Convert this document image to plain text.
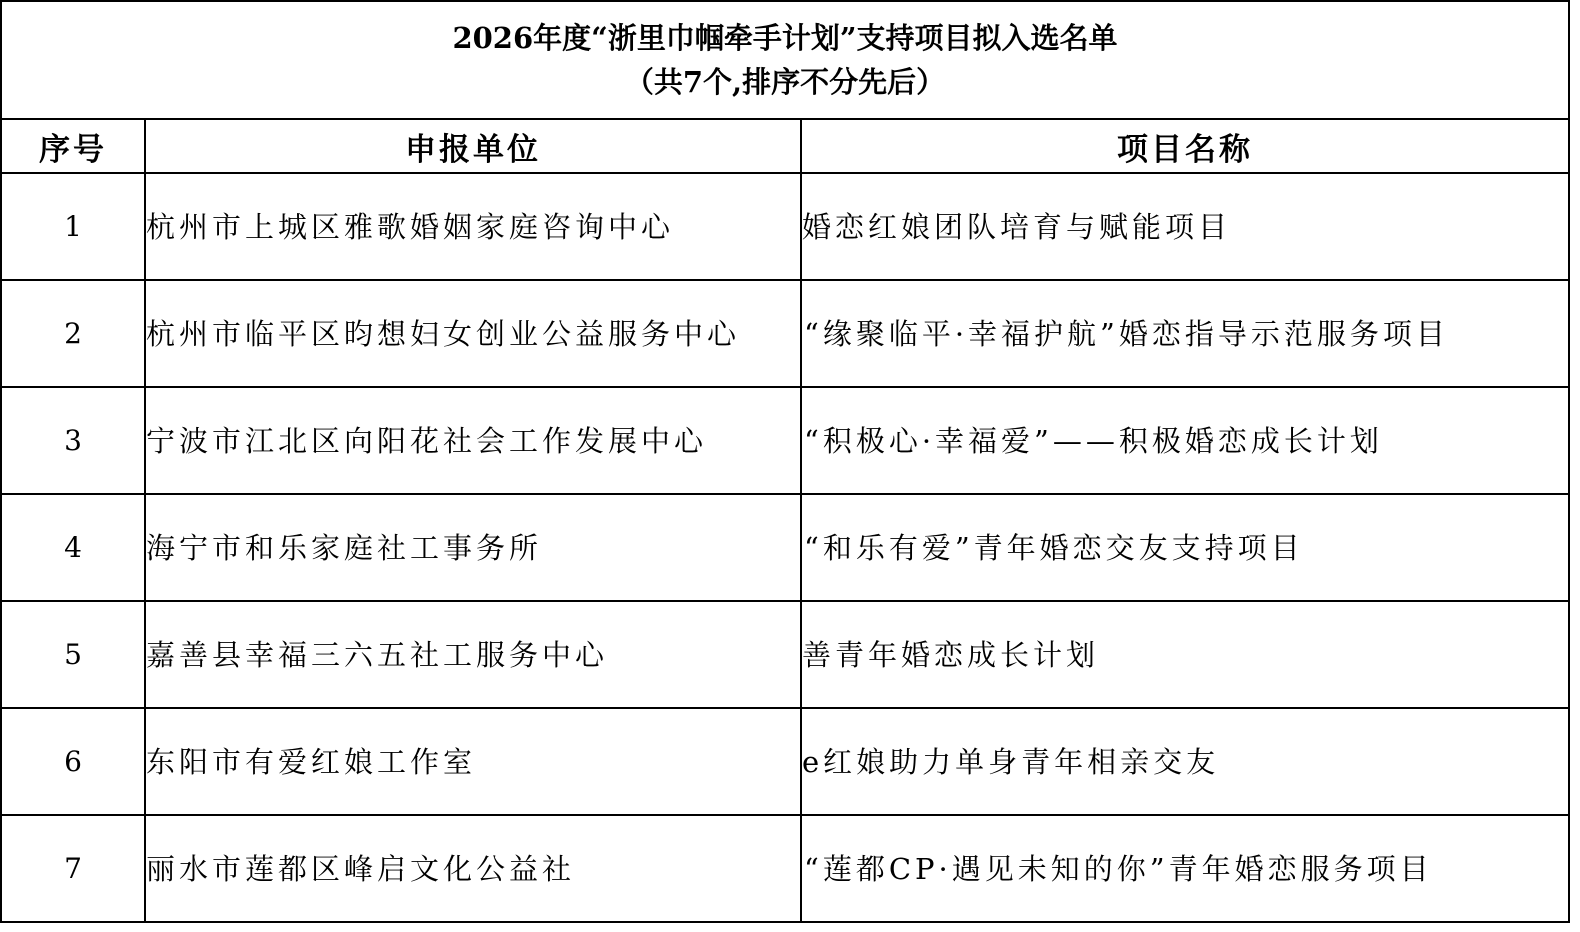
2026年度“浙里巾帼牵手计划”支持项目拟入选名单
（共7个,排序不分先后）		

序号	申报单位	项目名称
1	杭州市上城区雅歌婚姻家庭咨询中心	婚恋红娘团队培育与赋能项目
2	杭州市临平区昀想妇女创业公益服务中心	“缘聚临平·幸福护航”婚恋指导示范服务项目
3	宁波市江北区向阳花社会工作发展中心	“积极心·幸福爱”——积极婚恋成长计划
4	海宁市和乐家庭社工事务所	“和乐有爱”青年婚恋交友支持项目
5	嘉善县幸福三六五社工服务中心	善青年婚恋成长计划
6	东阳市有爱红娘工作室	e红娘助力单身青年相亲交友
7	丽水市莲都区峰启文化公益社	“莲都CP·遇见未知的你”青年婚恋服务项目
